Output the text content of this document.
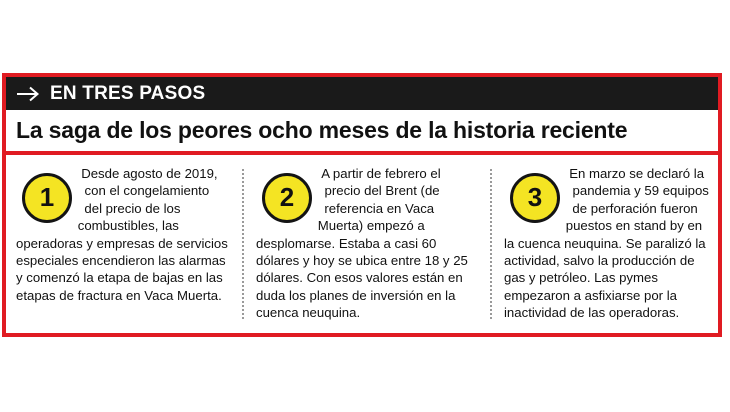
EN TRES PASOS
La saga de los peores ocho meses de la historia reciente
1

Desde agosto de 2019, con el congelamiento del precio de los combustibles, las operadoras y empresas de servicios especiales encendieron las alarmas y comenzó la etapa de bajas en las etapas de fractura en Vaca Muerta.

2

A partir de febrero el precio del Brent (de referencia en Vaca Muerta) empezó a desplomarse. Estaba a casi 60 dólares y hoy se ubica entre 18 y 25 dólares. Con esos valores están en duda los planes de inversión en la cuenca neuquina.

3

En marzo se declaró la pandemia y 59 equipos de perforación fueron puestos en stand by en la cuenca neuquina. Se paralizó la actividad, salvo la producción de gas y petróleo. Las pymes empezaron a asfixiarse por la inactividad de las operadoras.
